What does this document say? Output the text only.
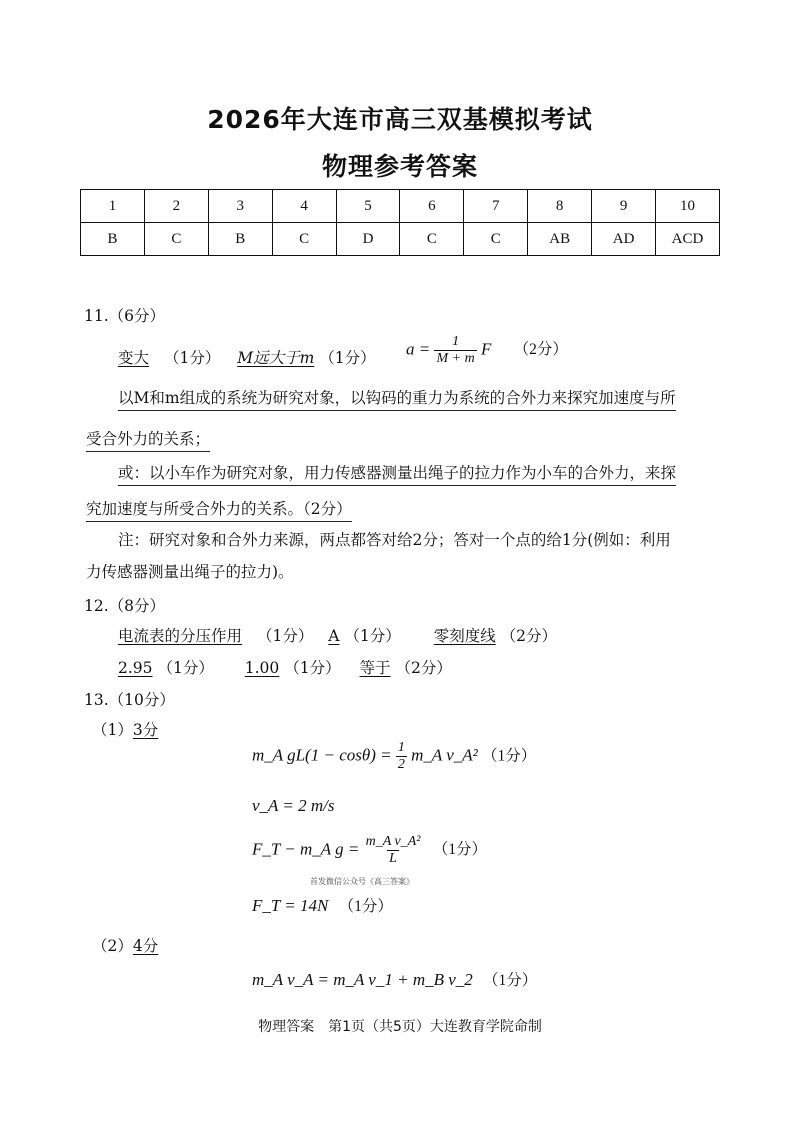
2026年大连市高三双基模拟考试
物理参考答案
1	2	3	4	5	6	7	8	9	10
B	C	B	C	D	C	C	AB	AD	ACD
11.（6分）
变大 （1分） M远大于m （1分） $a = \frac{1}{M + m}$ F （2分）
以M和m组成的系统为研究对象，以钩码的重力为系统的合外力来探究加速度与所
受合外力的关系；
或：以小车作为研究对象，用力传感器测量出绳子的拉力作为小车的合外力，来探
究加速度与所受合外力的关系。（2分）
注：研究对象和合外力来源，两点都答对给2分；答对一个点的给1分(例如：利用
力传感器测量出绳子的拉力)。
12.（8分）
电流表的分压作用 （1分） A （1分） 零刻度线 （2分）
2.95 （1分） 1.00 （1分） 等于 （2分）
13.（10分）
（1）3分
m_A $gL(1 - \cos\theta) = \frac{1}{2}$ m_A v_A² （1分）
v_A = 2 m/s
F_T − m_A $g = \frac{\text{m\_A v\_A²}}{L} (1$分）
首发微信公众号《高三答案》
F_T = 14N （1分）
（2）4分
m_A v_A = m_A v_1 + m_B v_2 （1分）
物理答案　第1页（共5页）大连教育学院命制
